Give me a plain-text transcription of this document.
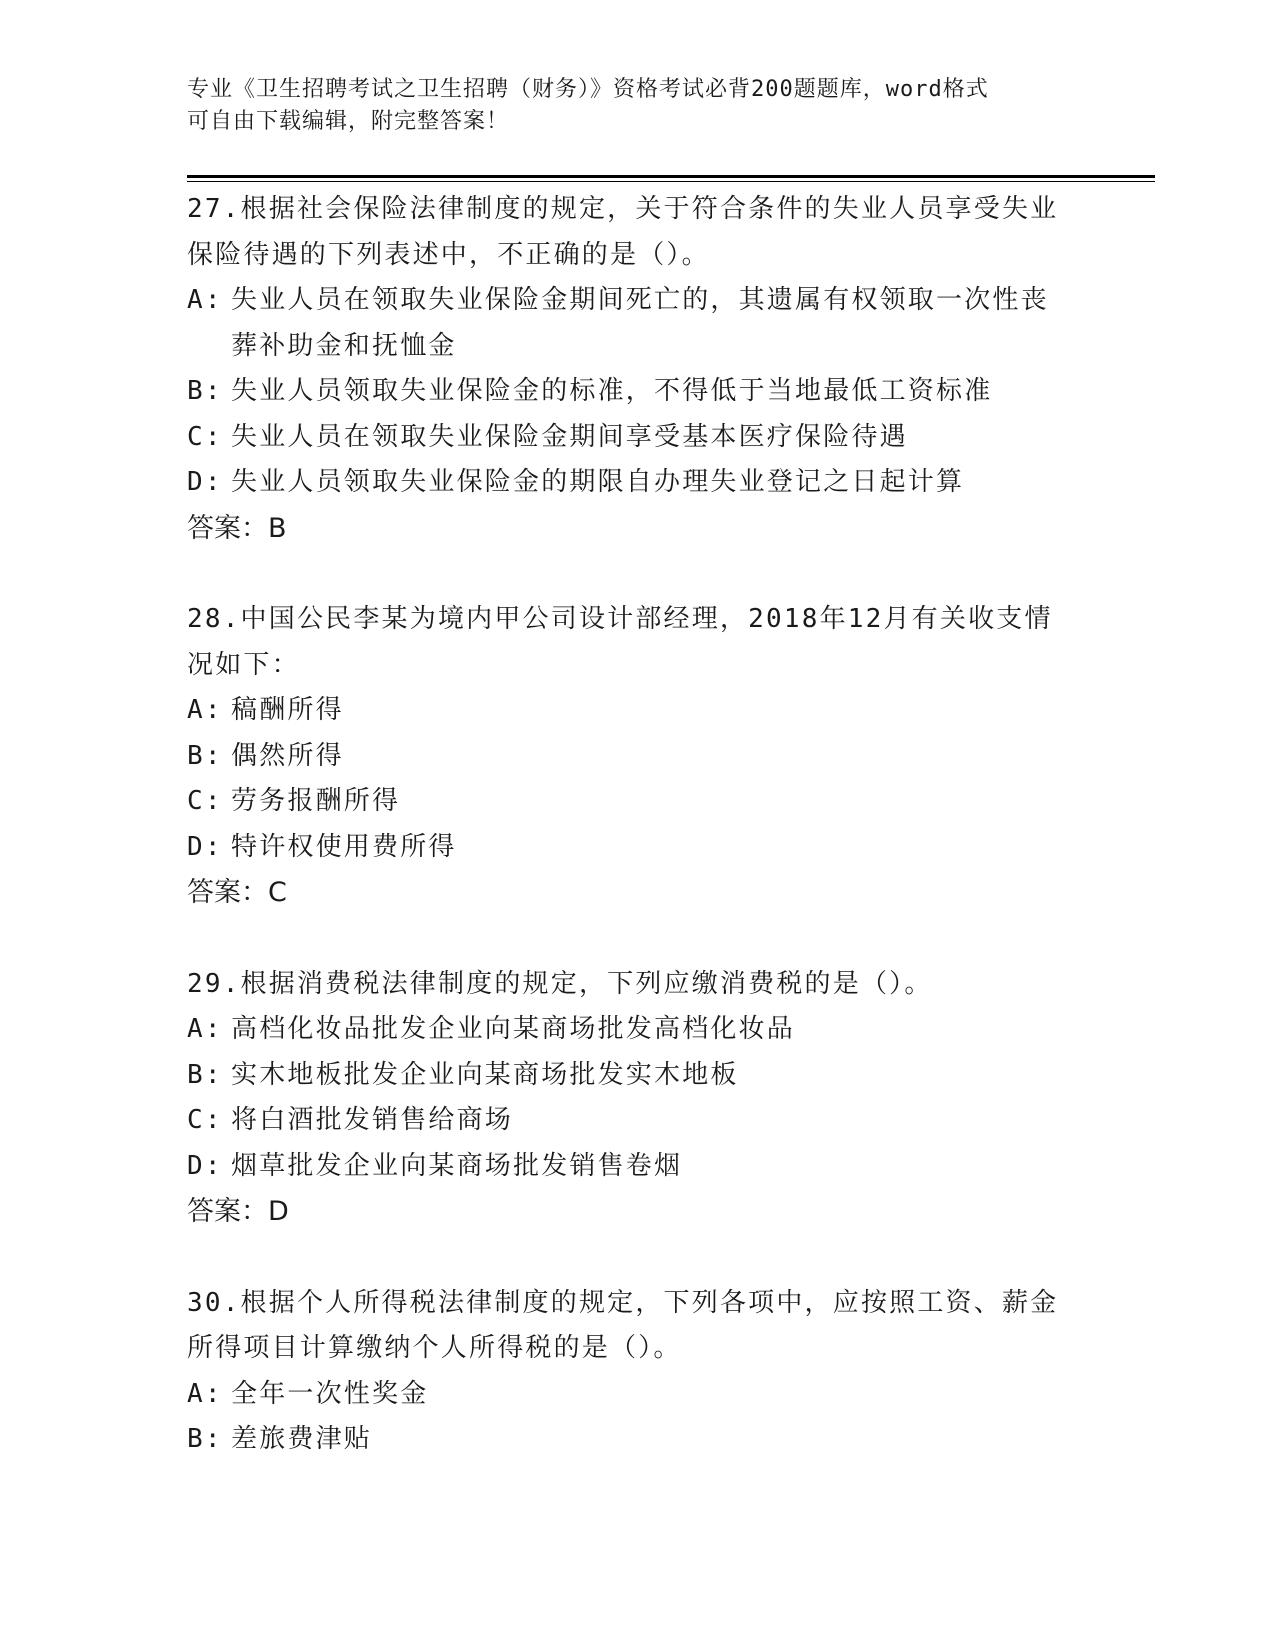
专业《卫生招聘考试之卫生招聘（财务）》资格考试必背200题题库，word格式
可自由下载编辑，附完整答案！

27.根据社会保险法律制度的规定，关于符合条件的失业人员享受失业

保险待遇的下列表述中，不正确的是（）。

A: 失业人员在领取失业保险金期间死亡的，其遗属有权领取一次性丧
葬补助金和抚恤金
B: 失业人员领取失业保险金的标准，不得低于当地最低工资标准
C: 失业人员在领取失业保险金期间享受基本医疗保险待遇
D: 失业人员领取失业保险金的期限自办理失业登记之日起计算

答案：B

28.中国公民李某为境内甲公司设计部经理，2018年12月有关收支情

况如下：

A: 稿酬所得
B: 偶然所得
C: 劳务报酬所得
D: 特许权使用费所得

答案：C

29.根据消费税法律制度的规定，下列应缴消费税的是（）。

A: 高档化妆品批发企业向某商场批发高档化妆品
B: 实木地板批发企业向某商场批发实木地板
C: 将白酒批发销售给商场
D: 烟草批发企业向某商场批发销售卷烟

答案：D

30.根据个人所得税法律制度的规定，下列各项中，应按照工资、薪金

所得项目计算缴纳个人所得税的是（）。

A: 全年一次性奖金
B: 差旅费津贴
